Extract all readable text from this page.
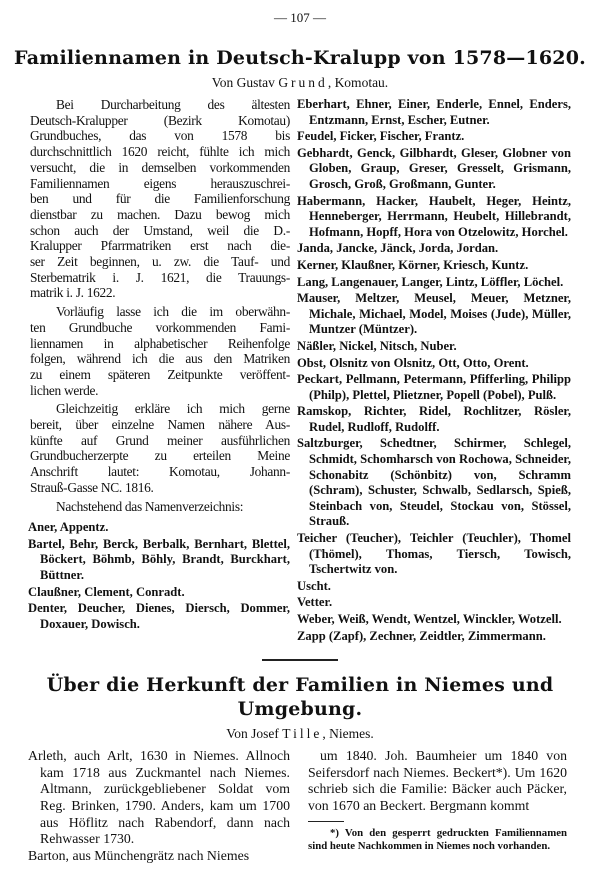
— 107 —
Familiennamen in Deutsch-Kralupp von 1578—1620.
Von Gustav Grund, Komotau.

Bei Durcharbeitung des ältesten
Deutsch-Kralupper (Bezirk Komotau)
Grundbuches, das von 1578 bis
durchschnittlich 1620 reicht, fühlte ich mich
versucht, die in demselben vorkommenden
Familiennamen eigens herauszuschrei-
ben und für die Familienforschung
dienstbar zu machen. Dazu bewog mich
schon auch der Umstand, weil die D.-
Kralupper Pfarrmatriken erst nach die-
ser Zeit beginnen, u. zw. die Tauf- und
Sterbematrik i. J. 1621, die Trauungs-
matrik i. J. 1622.

Vorläufig lasse ich die im oberwähn-
ten Grundbuche vorkommenden Fami-
liennamen in alphabetischer Reihenfolge
folgen, während ich die aus den Matriken
zu einem späteren Zeitpunkte veröffent-
lichen werde.

Gleichzeitig erkläre ich mich gerne
bereit, über einzelne Namen nähere Aus-
künfte auf Grund meiner ausführlichen
Grundbucherzerpte zu erteilen Meine
Anschrift lautet: Komotau, Johann-
Strauß-Gasse NC. 1816.

Nachstehend das Namenverzeichnis:

Aner, Appentz.

Bartel, Behr, Berck, Berbalk, Bernhart, Blettel, Böckert, Böhmb, Böhly, Brandt, Burckhart, Büttner.

Claußner, Clement, Conradt.

Denter, Deucher, Dienes, Diersch, Dommer, Doxauer, Dowisch.

Eberhart, Ehner, Einer, Enderle, Ennel, Enders, Entzmann, Ernst, Escher, Eutner.

Feudel, Ficker, Fischer, Frantz.

Gebhardt, Genck, Gilbhardt, Gleser, Globner von Globen, Graup, Greser, Gresselt, Grismann, Grosch, Groß, Großmann, Gunter.

Habermann, Hacker, Haubelt, Heger, Heintz, Henneberger, Herrmann, Heubelt, Hillebrandt, Hofmann, Hopff, Hora von Otzelowitz, Horchel.

Janda, Jancke, Jänck, Jorda, Jordan.

Kerner, Klaußner, Körner, Kriesch, Kuntz.

Lang, Langenauer, Langer, Lintz, Löffler, Löchel.

Mauser, Meltzer, Meusel, Meuer, Metzner, Michale, Michael, Model, Moises (Jude), Müller, Muntzer (Müntzer).

Näßler, Nickel, Nitsch, Nuber.

Obst, Olsnitz von Olsnitz, Ott, Otto, Orent.

Peckart, Pellmann, Petermann, Pfifferling, Philipp (Philp), Plettel, Plietzner, Popell (Pobel), Pulß.

Ramskop, Richter, Ridel, Rochlitzer, Rösler, Rudel, Rudloff, Rudolff.

Saltzburger, Schedtner, Schirmer, Schlegel, Schmidt, Schomharsch von Rochowa, Schneider, Schonabitz (Schönbitz) von, Schramm (Schram), Schuster, Schwalb, Sedlarsch, Spieß, Steinbach von, Steudel, Stockau von, Stössel, Strauß.

Teicher (Teucher), Teichler (Teuchler), Thomel (Thömel), Thomas, Tiersch, Towisch, Tschertwitz von.

Uscht.

Vetter.

Weber, Weiß, Wendt, Wentzel, Winckler, Wotzell.

Zapp (Zapf), Zechner, Zeidtler, Zimmermann.

Über die Herkunft der Familien in Niemes und Umgebung.
Von Josef Tille, Niemes.

Arleth, auch Arlt, 1630 in Niemes. Allnoch kam 1718 aus Zuckmantel nach Niemes. Altmann, zurückgebliebener Soldat vom Reg. Brinken, 1790. Anders, kam um 1700 aus Höflitz nach Rabendorf, dann nach Rehwasser 1730.

Barton, aus Münchengrätz nach Niemes

um 1840. Joh. Baumheier um 1840 von Seifersdorf nach Niemes. Beckert*). Um 1620 schrieb sich die Familie: Bäcker auch Päcker, von 1670 an Beckert. Bergmann kommt
*) Von den gesperrt gedruckten Familiennamen sind heute Nachkommen in Niemes noch vorhanden.
